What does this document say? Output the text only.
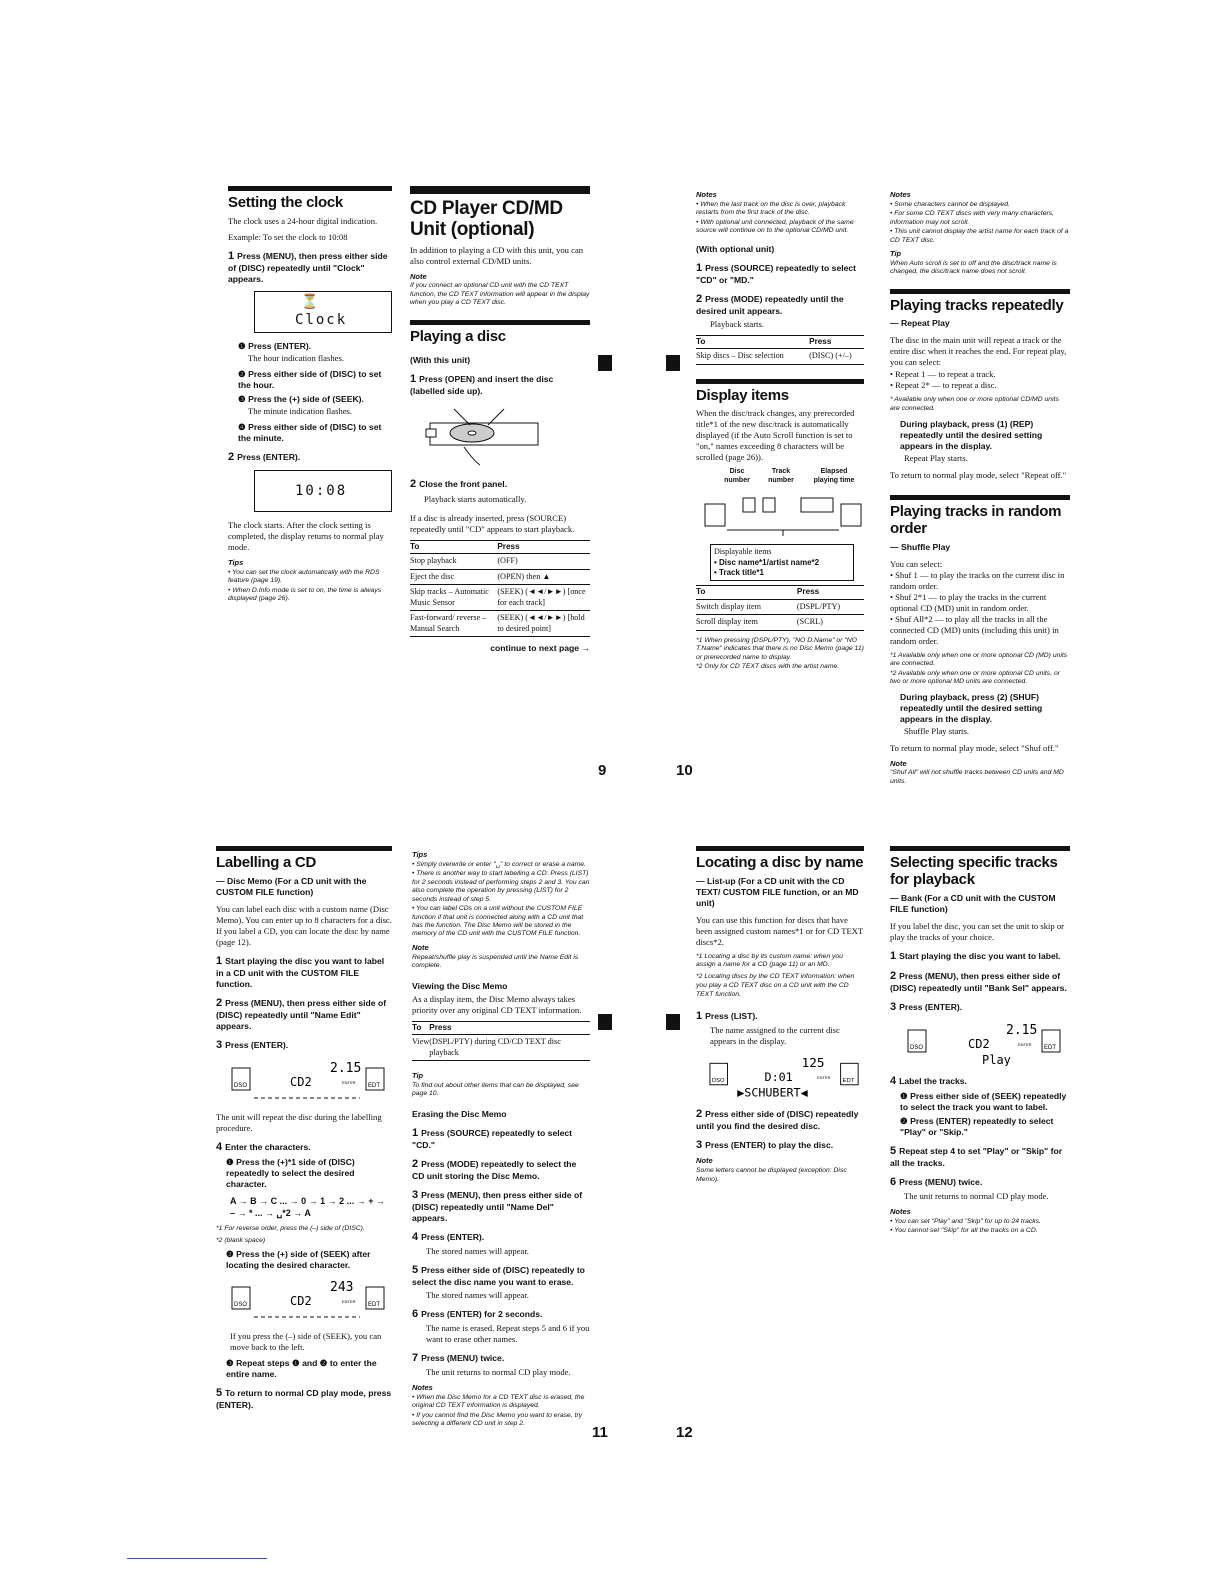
Setting the clock

The clock uses a 24-hour digital indication.

Example: To set the clock to 10:08

1 Press (MENU), then press either side of (DISC) repeatedly until "Clock" appears.
⏳
Clock
❶ Press (ENTER).

The hour indication flashes.

❷ Press either side of (DISC) to set the hour.
❸ Press the (+) side of (SEEK).

The minute indication flashes.

❹ Press either side of (DISC) to set the minute.
2 Press (ENTER).
10:08

The clock starts. After the clock setting is completed, the display returns to normal play mode.

Tips
• You can set the clock automatically with the RDS feature (page 19).
• When D.Info mode is set to on, the time is always displayed (page 26).
CD Player CD/MD Unit (optional)

In addition to playing a CD with this unit, you can also control external CD/MD units.

Note
If you connect an optional CD unit with the CD TEXT function, the CD TEXT information will appear in the display when you play a CD TEXT disc.
Playing a disc
(With this unit)
1 Press (OPEN) and insert the disc (labelled side up).
2 Close the front panel.

Playback starts automatically.

If a disc is already inserted, press (SOURCE) repeatedly until "CD" appears to start playback.

To	Press
Stop playback	(OFF)
Eject the disc	(OPEN) then ▲
Skip tracks – Automatic Music Sensor	(SEEK) (◄◄/►►) [once for each track]
Fast-forward/ reverse – Manual Search	(SEEK) (◄◄/►►) [hold to desired point]
continue to next page →
Notes
• When the last track on the disc is over, playback restarts from the first track of the disc.
• With optional unit connected, playback of the same source will continue on to the optional CD/MD unit.
(With optional unit)
1 Press (SOURCE) repeatedly to select "CD" or "MD."
2 Press (MODE) repeatedly until the desired unit appears.

Playback starts.

To	Press
Skip discs – Disc selection	(DISC) (+/–)
Display items

When the disc/track changes, any prerecorded title*1 of the new disc/track is automatically displayed (if the Auto Scroll function is set to "on," names exceeding 8 characters will be scrolled (page 26)).

Disc number
Track number
Elapsed playing time
Displayable items
• Disc name*1/artist name*2
• Track title*1
To	Press
Switch display item	(DSPL/PTY)
Scroll display item	(SCRL)
*1 When pressing (DSPL/PTY), "NO D.Name" or "NO T.Name" indicates that there is no Disc Memo (page 11) or prerecorded name to display.
*2 Only for CD TEXT discs with the artist name.
Notes
• Some characters cannot be displayed.
• For some CD TEXT discs with very many characters, information may not scroll.
• This unit cannot display the artist name for each track of a CD TEXT disc.
Tip
When Auto scroll is set to off and the disc/track name is changed, the disc/track name does not scroll.
Playing tracks repeatedly
— Repeat Play

The disc in the main unit will repeat a track or the entire disc when it reaches the end. For repeat play, you can select:

• Repeat 1 — to repeat a track.
• Repeat 2* — to repeat a disc.
* Available only when one or more optional CD/MD units are connected.
During playback, press (1) (REP) repeatedly until the desired setting appears in the display.

Repeat Play starts.

To return to normal play mode, select "Repeat off."

Playing tracks in random order
— Shuffle Play
You can select:
• Shuf 1 — to play the tracks on the current disc in random order.
• Shuf 2*1 — to play the tracks in the current optional CD (MD) unit in random order.
• Shuf All*2 — to play all the tracks in all the connected CD (MD) units (including this unit) in random order.
*1 Available only when one or more optional CD (MD) units are connected.
*2 Available only when one or more optional CD units, or two or more optional MD units are connected.
During playback, press (2) (SHUF) repeatedly until the desired setting appears in the display.

Shuffle Play starts.

To return to normal play mode, select "Shuf off."

Note
"Shuf All" will not shuffle tracks between CD units and MD units.
9	10
Labelling a CD
— Disc Memo (For a CD unit with the CUSTOM FILE function)

You can label each disc with a custom name (Disc Memo). You can enter up to 8 characters for a disc. If you label a CD, you can locate the disc by name (page 12).

1 Start playing the disc you want to label in a CD unit with the CUSTOM FILE function.
2 Press (MENU), then press either side of (DISC) repeatedly until "Name Edit" appears.
3 Press (ENTER).
DSO	EDT
2.15
CD2	ENTER

The unit will repeat the disc during the labelling procedure.

4 Enter the characters.
❶ Press the (+)*1 side of (DISC) repeatedly to select the desired character.
A → B → C ... → 0 → 1 → 2 ... → + → – → * ... → ␣*2 → A
*1 For reverse order, press the (–) side of (DISC).
*2 (blank space)
❷ Press the (+) side of (SEEK) after locating the desired character.
DSO	EDT
243
CD2	ENTER

If you press the (–) side of (SEEK), you can move back to the left.

❸ Repeat steps ❶ and ❷ to enter the entire name.
5 To return to normal CD play mode, press (ENTER).
Tips
• Simply overwrite or enter "␣" to correct or erase a name.
• There is another way to start labelling a CD: Press (LIST) for 2 seconds instead of performing steps 2 and 3. You can also complete the operation by pressing (LIST) for 2 seconds instead of step 5.
• You can label CDs on a unit without the CUSTOM FILE function if that unit is connected along with a CD unit that has the function. The Disc Memo will be stored in the memory of the CD unit with the CUSTOM FILE function.
Note
Repeat/shuffle play is suspended until the Name Edit is complete.
Viewing the Disc Memo

As a display item, the Disc Memo always takes priority over any original CD TEXT information.

To	Press
View	(DSPL/PTY) during CD/CD TEXT disc playback
Tip
To find out about other items that can be displayed, see page 10.
Erasing the Disc Memo
1 Press (SOURCE) repeatedly to select "CD."
2 Press (MODE) repeatedly to select the CD unit storing the Disc Memo.
3 Press (MENU), then press either side of (DISC) repeatedly until "Name Del" appears.
4 Press (ENTER).

The stored names will appear.

5 Press either side of (DISC) repeatedly to select the disc name you want to erase.

The stored names will appear.

6 Press (ENTER) for 2 seconds.

The name is erased. Repeat steps 5 and 6 if you want to erase other names.

7 Press (MENU) twice.

The unit returns to normal CD play mode.

Notes
• When the Disc Memo for a CD TEXT disc is erased, the original CD TEXT information is displayed.
• If you cannot find the Disc Memo you want to erase, try selecting a different CD unit in step 2.
Locating a disc by name
— List-up (For a CD unit with the CD TEXT/ CUSTOM FILE function, or an MD unit)

You can use this function for discs that have been assigned custom names*1 or for CD TEXT discs*2.

*1 Locating a disc by its custom name: when you assign a name for a CD (page 11) or an MD.
*2 Locating discs by the CD TEXT information: when you play a CD TEXT disc on a CD unit with the CD TEXT function.
1 Press (LIST).

The name assigned to the current disc appears in the display.

DSO	EDT
125
D:01	ENTER
▶SCHUBERT◀
2 Press either side of (DISC) repeatedly until you find the desired disc.
3 Press (ENTER) to play the disc.
Note
Some letters cannot be displayed (exception: Disc Memo).
Selecting specific tracks for playback
— Bank (For a CD unit with the CUSTOM FILE function)

If you label the disc, you can set the unit to skip or play the tracks of your choice.

1 Start playing the disc you want to label.
2 Press (MENU), then press either side of (DISC) repeatedly until "Bank Sel" appears.
3 Press (ENTER).
DSO	EDT
2.15
CD2	ENTER
Play
4 Label the tracks.
❶ Press either side of (SEEK) repeatedly to select the track you want to label.
❷ Press (ENTER) repeatedly to select "Play" or "Skip."
5 Repeat step 4 to set "Play" or "Skip" for all the tracks.
6 Press (MENU) twice.

The unit returns to normal CD play mode.

Notes
• You can set "Play" and "Skip" for up to 24 tracks.
• You cannot set "Skip" for all the tracks on a CD.
11	12
